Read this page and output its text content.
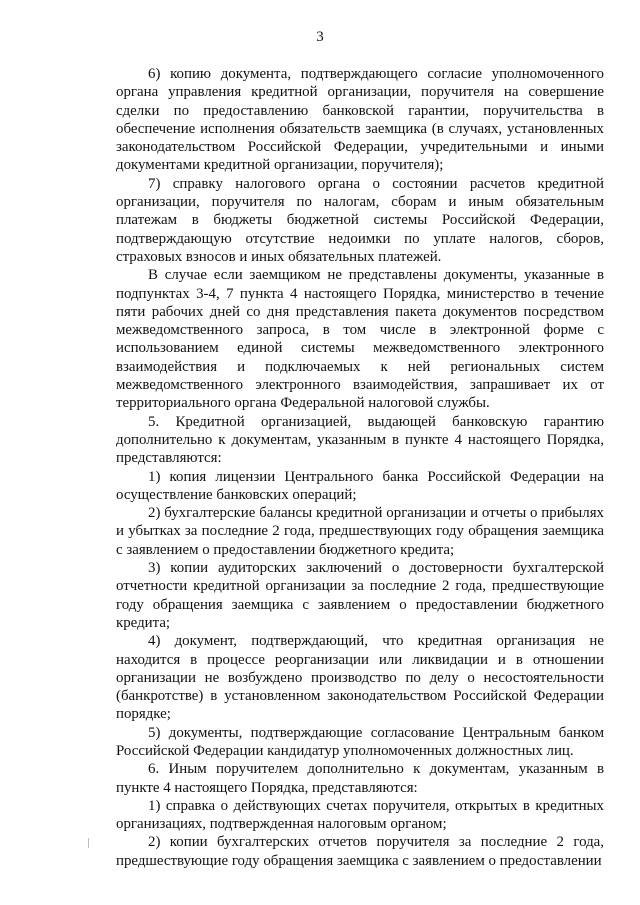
3

6) копию документа, подтверждающего согласие уполномоченного органа управления кредитной организации, поручителя на совершение сделки по предоставлению банковской гарантии, поручительства в обеспечение исполнения обязательств заемщика (в случаях, установленных законодательством Российской Федерации, учредительными и иными документами кредитной организации, поручителя);

7) справку налогового органа о состоянии расчетов кредитной организации, поручителя по налогам, сборам и иным обязательным платежам в бюджеты бюджетной системы Российской Федерации, подтверждающую отсутствие недоимки по уплате налогов, сборов, страховых взносов и иных обязательных платежей.

В случае если заемщиком не представлены документы, указанные в подпунктах 3-4, 7 пункта 4 настоящего Порядка, министерство в течение пяти рабочих дней со дня представления пакета документов посредством межведомственного запроса, в том числе в электронной форме с использованием единой системы межведомственного электронного взаимодействия и подключаемых к ней региональных систем межведомственного электронного взаимодействия, запрашивает их от территориального органа Федеральной налоговой службы.

5. Кредитной организацией, выдающей банковскую гарантию дополнительно к документам, указанным в пункте 4 настоящего Порядка, представляются:

1) копия лицензии Центрального банка Российской Федерации на осуществление банковских операций;

2) бухгалтерские балансы кредитной организации и отчеты о прибылях и убытках за последние 2 года, предшествующих году обращения заемщика с заявлением о предоставлении бюджетного кредита;

3) копии аудиторских заключений о достоверности бухгалтерской отчетности кредитной организации за последние 2 года, предшествующие году обращения заемщика с заявлением о предоставлении бюджетного кредита;

4) документ, подтверждающий, что кредитная организация не находится в процессе реорганизации или ликвидации и в отношении организации не возбуждено производство по делу о несостоятельности (банкротстве) в установленном законодательством Российской Федерации порядке;

5) документы, подтверждающие согласование Центральным банком Российской Федерации кандидатур уполномоченных должностных лиц.

6. Иным поручителем дополнительно к документам, указанным в пункте 4 настоящего Порядка, представляются:

1) справка о действующих счетах поручителя, открытых в кредитных организациях, подтвержденная налоговым органом;

2) копии бухгалтерских отчетов поручителя за последние 2 года, предшествующие году обращения заемщика с заявлением о предоставлении
